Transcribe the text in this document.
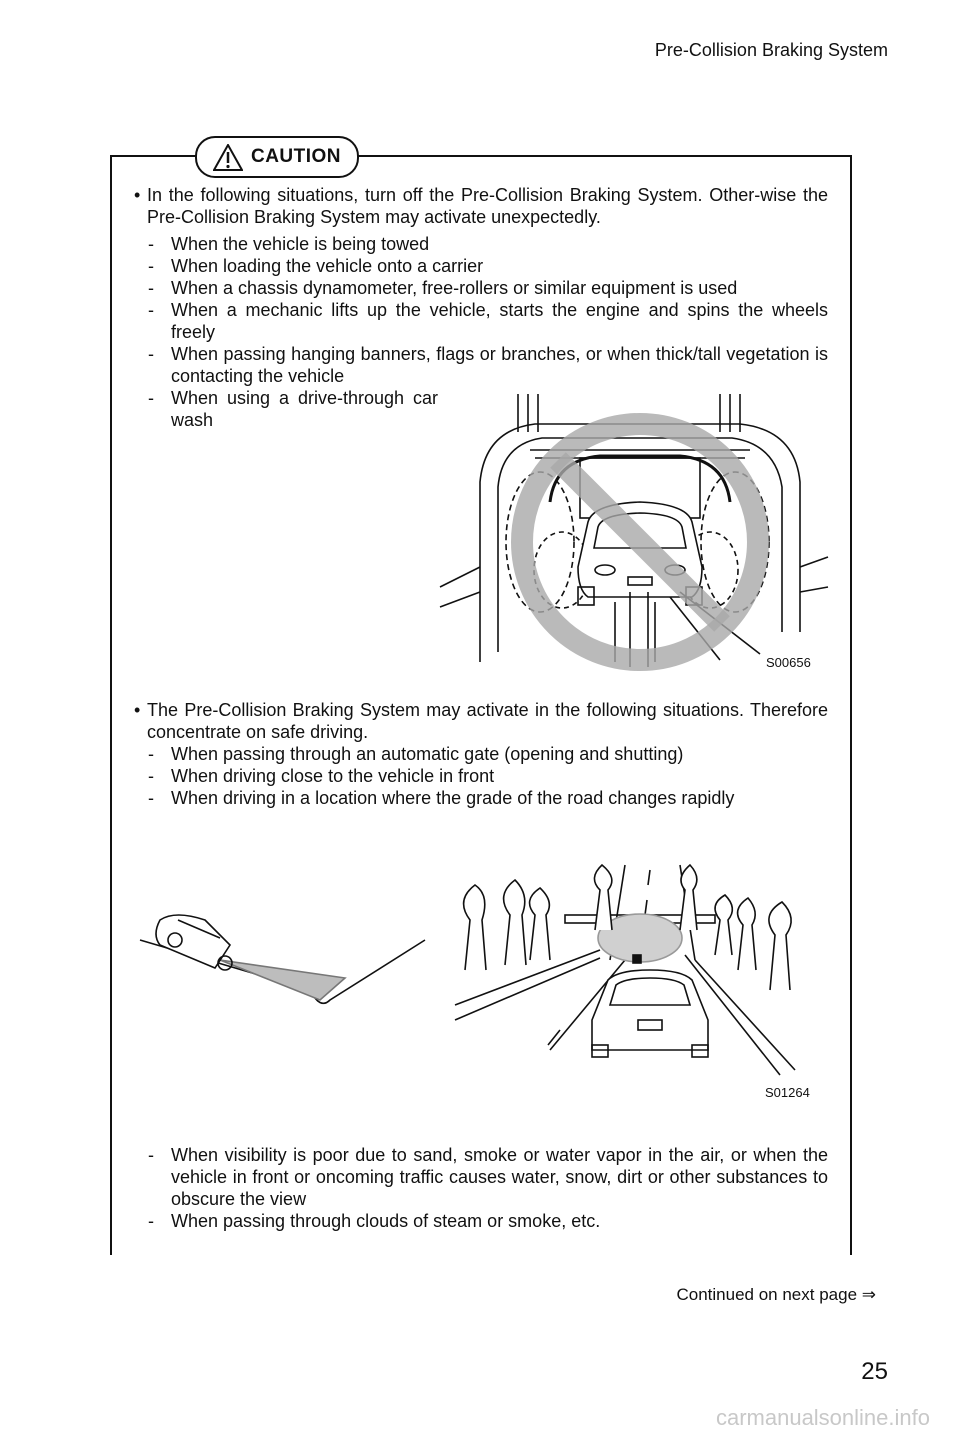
Pre-Collision Braking System
CAUTION
• In the following situations, turn off the Pre-Collision Braking System. Other-wise the Pre-Collision Braking System may activate unexpectedly.
- When the vehicle is being towed
- When loading the vehicle onto a carrier
- When a chassis dynamometer, free-rollers or similar equipment is used
- When a mechanic lifts up the vehicle, starts the engine and spins the wheels freely
- When passing hanging banners, flags or branches, or when thick/tall vegetation is contacting the vehicle
- When using a drive-through car wash
S00656
• The Pre-Collision Braking System may activate in the following situations. Therefore concentrate on safe driving.
- When passing through an automatic gate (opening and shutting)
- When driving close to the vehicle in front
- When driving in a location where the grade of the road changes rapidly
S01264
- When visibility is poor due to sand, smoke or water vapor in the air, or when the vehicle in front or oncoming traffic causes water, snow, dirt or other substances to obscure the view
- When passing through clouds of steam or smoke, etc.
Continued on next page ⇒
25
carmanualsonline.info
